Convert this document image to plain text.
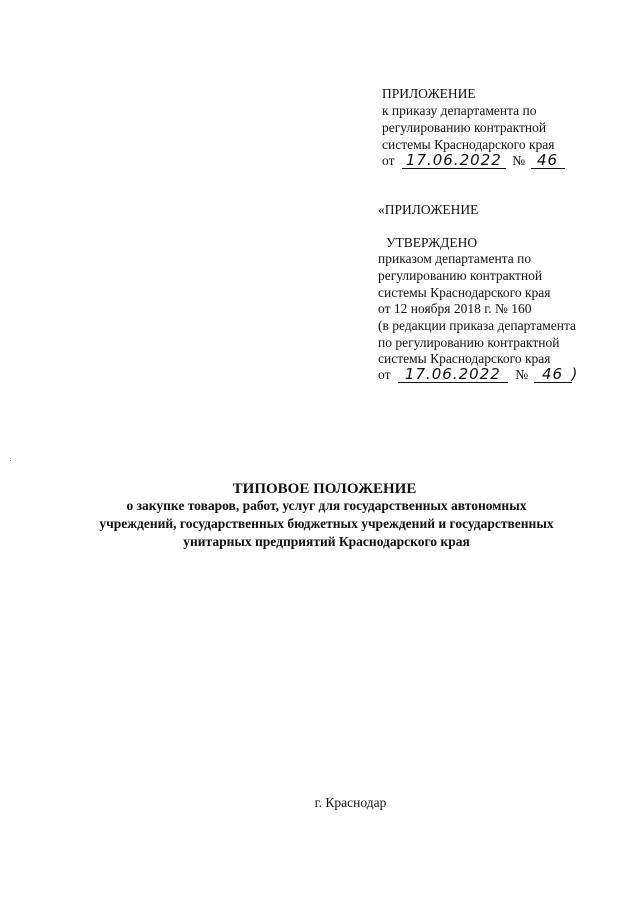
ПРИЛОЖЕНИЕ
к приказу департамента по
регулированию контрактной
системы Краснодарского края
от 17.06.2022 № 46
«ПРИЛОЖЕНИЕ
УТВЕРЖДЕНО
приказом департамента по
регулированию контрактной
системы Краснодарского края
от 12 ноября 2018 г. № 160
(в редакции приказа департамента
по регулированию контрактной
системы Краснодарского края
от 17.06.2022 № 46 )
ТИПОВОЕ ПОЛОЖЕНИЕ
о закупке товаров, работ, услуг для государственных автономных
учреждений, государственных бюджетных учреждений и государственных
унитарных предприятий Краснодарского края
г. Краснодар
